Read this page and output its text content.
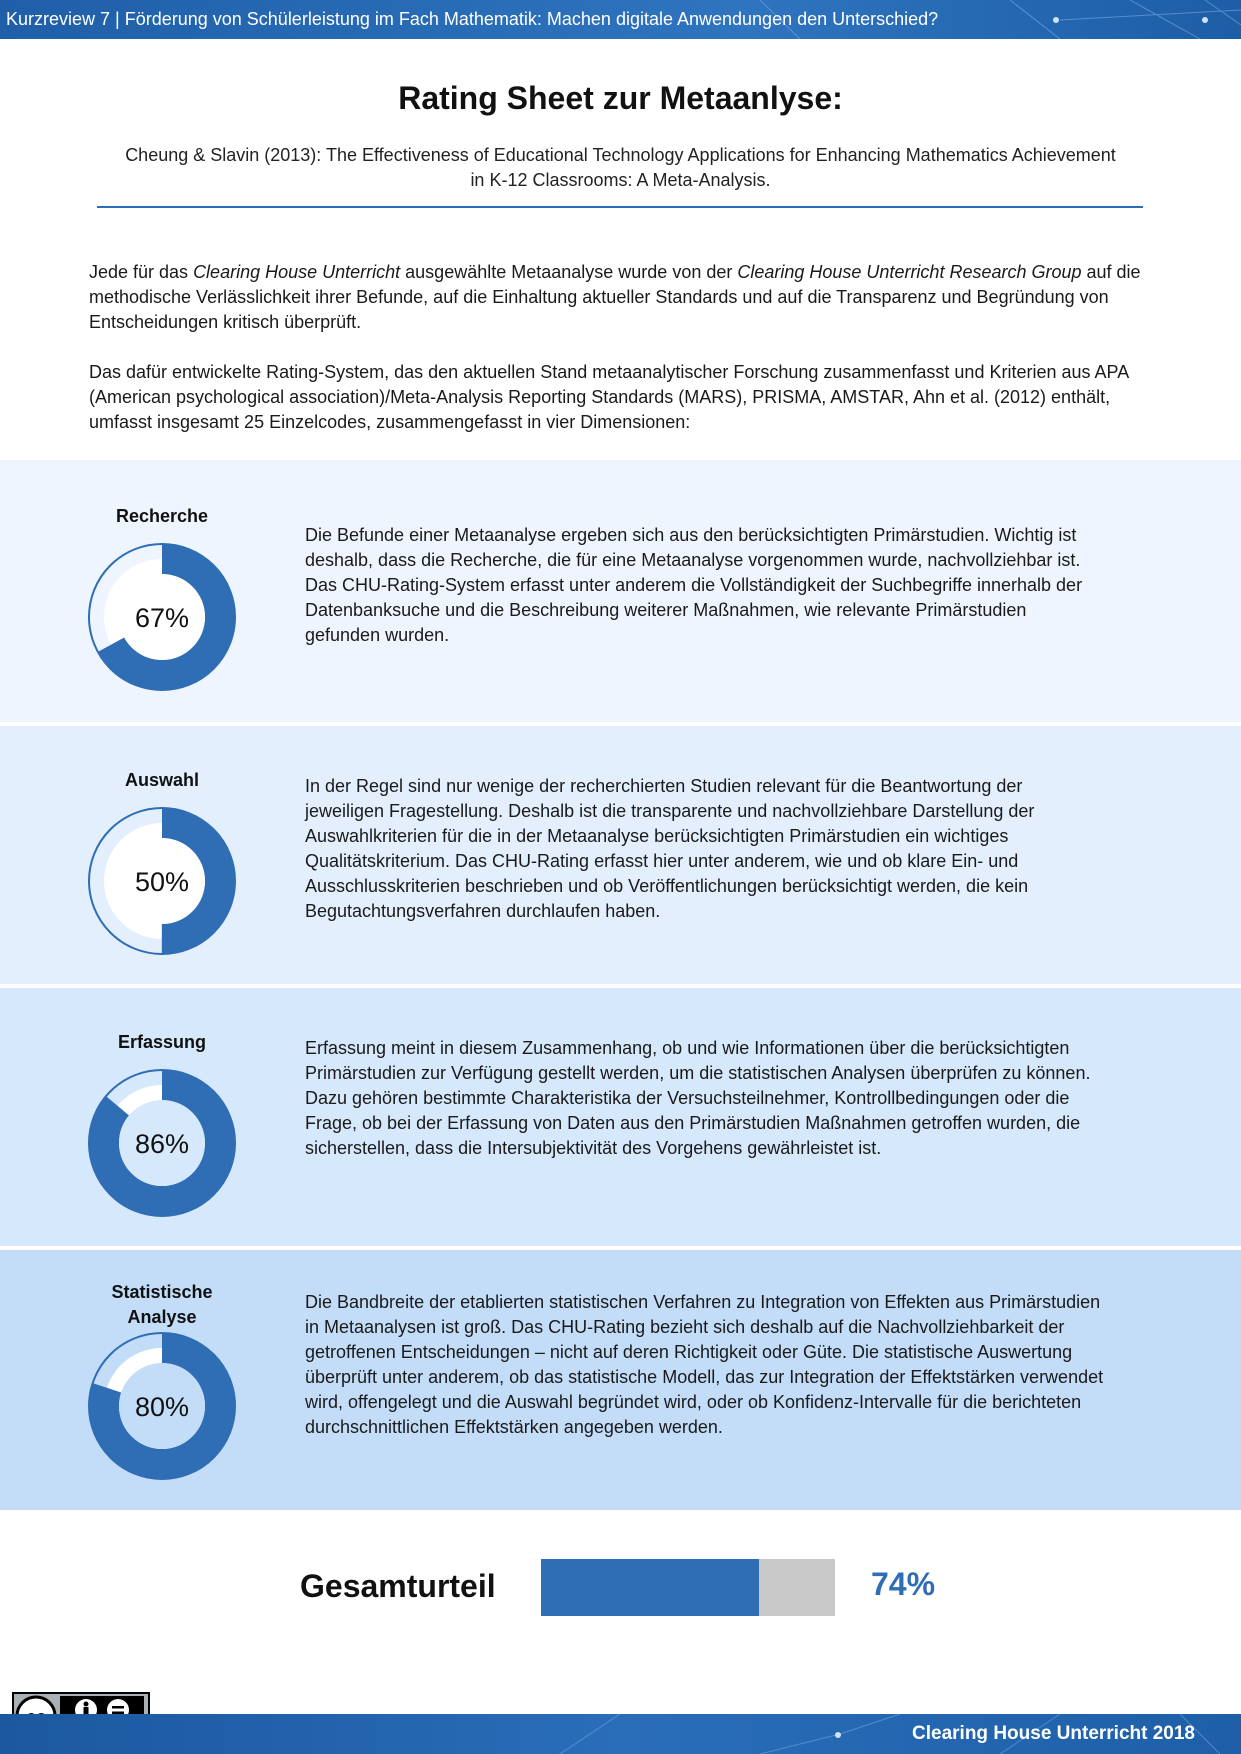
Kurzreview 7 | Förderung von Schülerleistung im Fach Mathematik: Machen digitale Anwendungen den Unterschied?
Rating Sheet zur Metaanlyse:
Cheung & Slavin (2013): The Effectiveness of Educational Technology Applications for Enhancing Mathematics Achievement
in K-12 Classrooms: A Meta-Analysis.
Jede für das Clearing House Unterricht ausgewählte Metaanalyse wurde von der Clearing House Unterricht Research Group auf die methodische Verlässlichkeit ihrer Befunde, auf die Einhaltung aktueller Standards und auf die Transparenz und Begründung von Entscheidungen kritisch überprüft.
Das dafür entwickelte Rating-System, das den aktuellen Stand metaanalytischer Forschung zusammenfasst und Kriterien aus APA (American psychological association)/Meta-Analysis Reporting Standards (MARS), PRISMA, AMSTAR, Ahn et al. (2012) enthält, umfasst insgesamt 25 Einzelcodes, zusammengefasst in vier Dimensionen:
Recherche
67%
Die Befunde einer Metaanalyse ergeben sich aus den berücksichtigten Primärstudien. Wichtig ist deshalb, dass die Recherche, die für eine Metaanalyse vorgenommen wurde, nachvollziehbar ist. Das CHU-Rating-System erfasst unter anderem die Vollständigkeit der Suchbegriffe innerhalb der Datenbanksuche und die Beschreibung weiterer Maßnahmen, wie relevante Primärstudien gefunden wurden.
Auswahl
50%
In der Regel sind nur wenige der recherchierten Studien relevant für die Beantwortung der jeweiligen Fragestellung. Deshalb ist die transparente und nachvollziehbare Darstellung der Auswahlkriterien für die in der Metaanalyse berücksichtigten Primärstudien ein wichtiges Qualitätskriterium. Das CHU-Rating erfasst hier unter anderem, wie und ob klare Ein- und Ausschlusskriterien beschrieben und ob Veröffentlichungen berücksichtigt werden, die kein Begutachtungsverfahren durchlaufen haben.
Erfassung
86%
Erfassung meint in diesem Zusammenhang, ob und wie Informationen über die berücksichtigten Primärstudien zur Verfügung gestellt werden, um die statistischen Analysen überprüfen zu können. Dazu gehören bestimmte Charakteristika der Versuchsteilnehmer, Kontrollbedingungen oder die Frage, ob bei der Erfassung von Daten aus den Primärstudien Maßnahmen getroffen wurden, die sicherstellen, dass die Intersubjektivität des Vorgehens gewährleistet ist.
Statistische Analyse
80%
Die Bandbreite der etablierten statistischen Verfahren zu Integration von Effekten aus Primärstudien in Metaanalysen ist groß. Das CHU-Rating bezieht sich deshalb auf die Nachvollziehbarkeit der getroffenen Entscheidungen – nicht auf deren Richtigkeit oder Güte. Die statistische Auswertung überprüft unter anderem, ob das statistische Modell, das zur Integration der Effektstärken verwendet wird, offengelegt und die Auswahl begründet wird, oder ob Konfidenz-Intervalle für die berichteten durchschnittlichen Effektstärken angegeben werden.
Gesamturteil	74%
Clearing House Unterricht 2018
